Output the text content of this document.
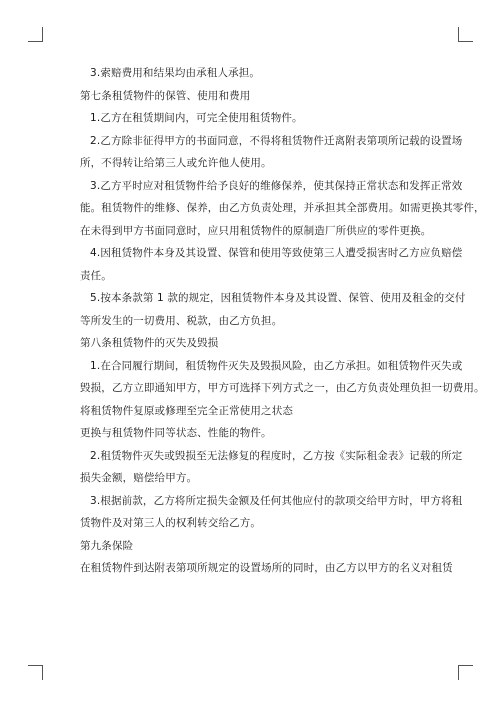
3.索赔费用和结果均由承租人承担。

第七条租赁物件的保管、使用和费用

1.乙方在租赁期间内，可完全使用租赁物件。

2.乙方除非征得甲方的书面同意，不得将租赁物件迁离附表第项所记载的设置场

所，不得转让给第三人或允许他人使用。

3.乙方平时应对租赁物件给予良好的维修保养，使其保持正常状态和发挥正常效

能。租赁物件的维修、保养，由乙方负责处理，并承担其全部费用。如需更换其零件，

在未得到甲方书面同意时，应只用租赁物件的原制造厂所供应的零件更换。

4.因租赁物件本身及其设置、保管和使用等致使第三人遭受损害时乙方应负赔偿

责任。

5.按本条款第 1 款的规定，因租赁物件本身及其设置、保管、使用及租金的交付

等所发生的一切费用、税款，由乙方负担。

第八条租赁物件的灭失及毁损

1.在合同履行期间，租赁物件灭失及毁损风险，由乙方承担。如租赁物件灭失或

毁损，乙方立即通知甲方，甲方可选择下列方式之一，由乙方负责处理负担一切费用。

将租赁物件复原或修理至完全正常使用之状态

更换与租赁物件同等状态、性能的物件。

2.租赁物件灭失或毁损至无法修复的程度时，乙方按《实际租金表》记载的所定

损失金额，赔偿给甲方。

3.根据前款，乙方将所定损失金额及任何其他应付的款项交给甲方时，甲方将租

赁物件及对第三人的权利转交给乙方。

第九条保险

在租赁物件到达附表第项所规定的设置场所的同时，由乙方以甲方的名义对租赁
